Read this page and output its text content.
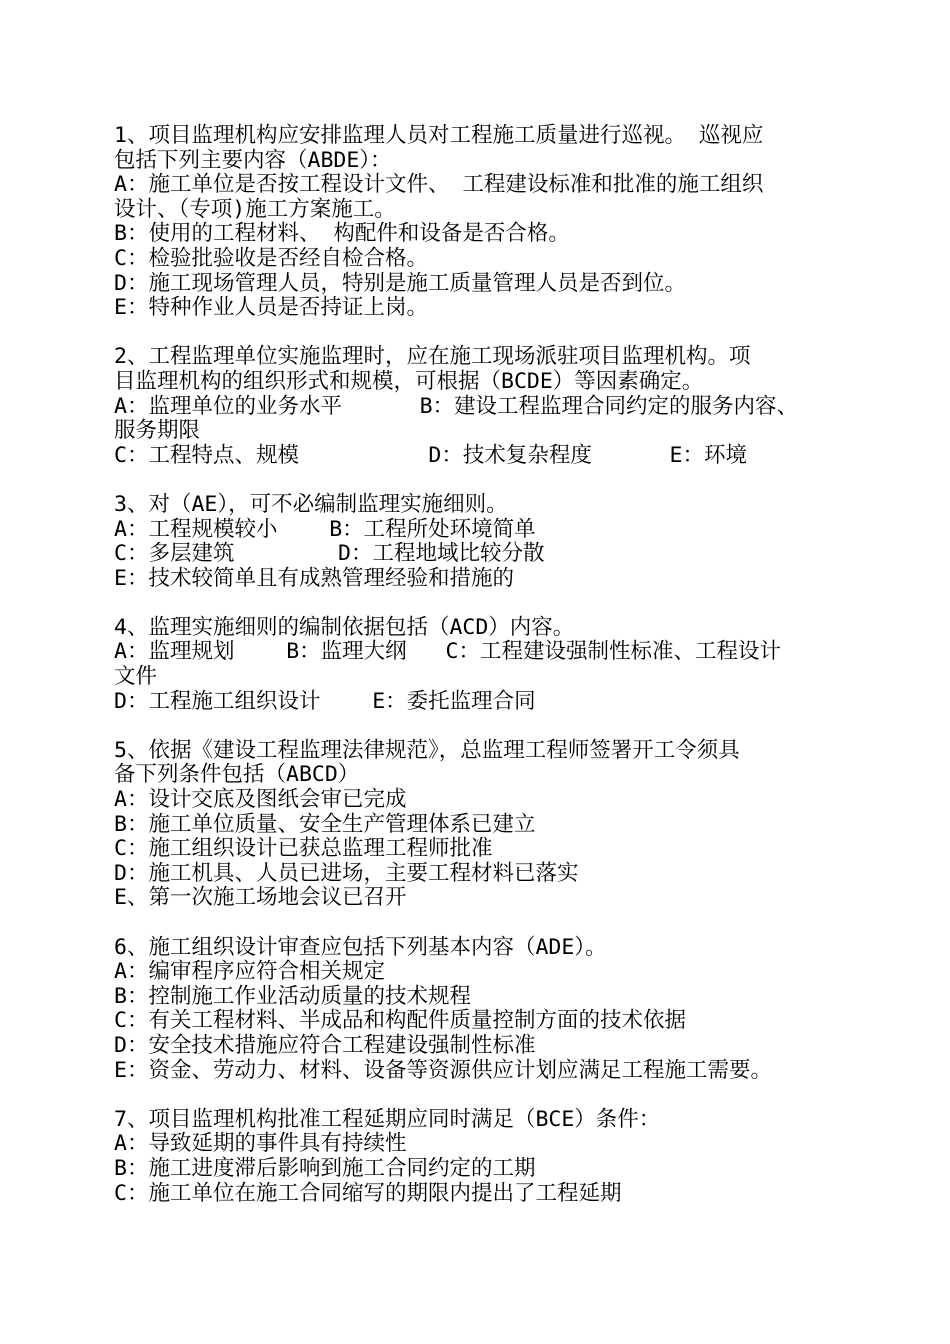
1、项目监理机构应安排监理人员对工程施工质量进行巡视。 巡视应
包括下列主要内容（ABDE）：
A：施工单位是否按工程设计文件、 工程建设标准和批准的施工组织
设计、（专项)施工方案施工。
B：使用的工程材料、 构配件和设备是否合格。
C：检验批验收是否经自检合格。
D：施工现场管理人员，特别是施工质量管理人员是否到位。
E：特种作业人员是否持证上岗。
2、工程监理单位实施监理时，应在施工现场派驻项目监理机构。项
目监理机构的组织形式和规模，可根据（BCDE）等因素确定。
A：监理单位的业务水平      B：建设工程监理合同约定的服务内容、
服务期限
C：工程特点、规模          D：技术复杂程度      E：环境
3、对（AE），可不必编制监理实施细则。
A：工程规模较小    B：工程所处环境简单
C：多层建筑        D：工程地域比较分散
E：技术较简单且有成熟管理经验和措施的
4、监理实施细则的编制依据包括（ACD）内容。
A：监理规划    B：监理大纲   C：工程建设强制性标准、工程设计
文件
D：工程施工组织设计    E：委托监理合同
5、依据《建设工程监理法律规范》，总监理工程师签署开工令须具
备下列条件包括（ABCD）
A：设计交底及图纸会审已完成
B：施工单位质量、安全生产管理体系已建立
C：施工组织设计已获总监理工程师批准
D：施工机具、人员已进场，主要工程材料已落实
E、第一次施工场地会议已召开
6、施工组织设计审查应包括下列基本内容（ADE）。
A：编审程序应符合相关规定
B：控制施工作业活动质量的技术规程
C：有关工程材料、半成品和构配件质量控制方面的技术依据
D：安全技术措施应符合工程建设强制性标准
E：资金、劳动力、材料、设备等资源供应计划应满足工程施工需要。
7、项目监理机构批准工程延期应同时满足（BCE）条件：
A：导致延期的事件具有持续性
B：施工进度滞后影响到施工合同约定的工期
C：施工单位在施工合同缩写的期限内提出了工程延期
